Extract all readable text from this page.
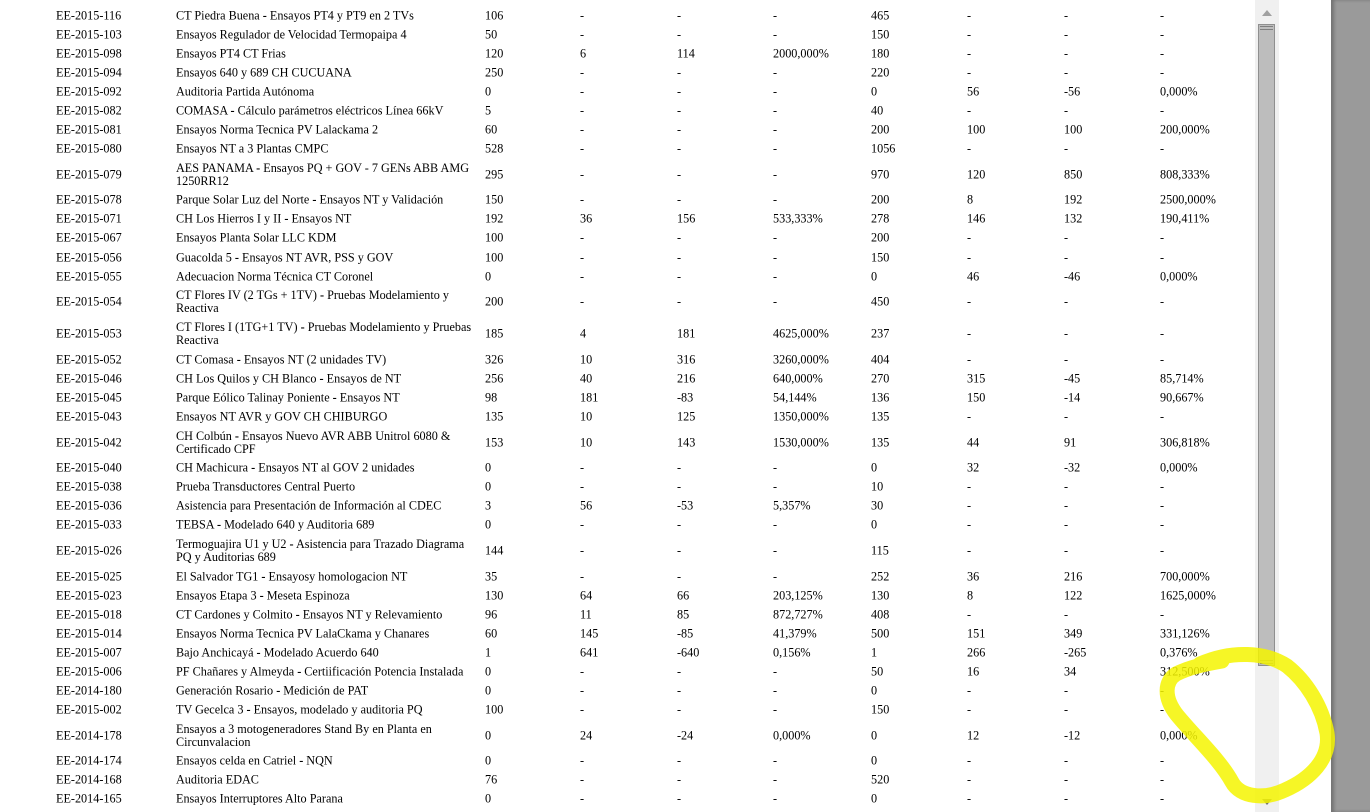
EE-2015-116	CT Piedra Buena - Ensayos PT4 y PT9 en 2 TVs	106	-	-	-	465	-	-	-
EE-2015-103	Ensayos Regulador de Velocidad Termopaipa 4	50	-	-	-	150	-	-	-
EE-2015-098	Ensayos PT4 CT Frias	120	6	114	2000,000%	180	-	-	-
EE-2015-094	Ensayos 640 y 689 CH CUCUANA	250	-	-	-	220	-	-	-
EE-2015-092	Auditoria Partida Autónoma	0	-	-	-	0	56	-56	0,000%
EE-2015-082	COMASA - Cálculo parámetros eléctricos Línea 66kV	5	-	-	-	40	-	-	-
EE-2015-081	Ensayos Norma Tecnica PV Lalackama 2	60	-	-	-	200	100	100	200,000%
EE-2015-080	Ensayos NT a 3 Plantas CMPC	528	-	-	-	1056	-	-	-
EE-2015-079	AES PANAMA - Ensayos PQ + GOV - 7 GENs ABB AMG 1250RR12	295	-	-	-	970	120	850	808,333%
EE-2015-078	Parque Solar Luz del Norte - Ensayos NT y Validación	150	-	-	-	200	8	192	2500,000%
EE-2015-071	CH Los Hierros I y II - Ensayos NT	192	36	156	533,333%	278	146	132	190,411%
EE-2015-067	Ensayos Planta Solar LLC KDM	100	-	-	-	200	-	-	-
EE-2015-056	Guacolda 5 - Ensayos NT AVR, PSS y GOV	100	-	-	-	150	-	-	-
EE-2015-055	Adecuacion Norma Técnica CT Coronel	0	-	-	-	0	46	-46	0,000%
EE-2015-054	CT Flores IV (2 TGs + 1TV) - Pruebas Modelamiento y Reactiva	200	-	-	-	450	-	-	-
EE-2015-053	CT Flores I (1TG+1 TV) - Pruebas Modelamiento y Pruebas Reactiva	185	4	181	4625,000%	237	-	-	-
EE-2015-052	CT Comasa - Ensayos NT (2 unidades TV)	326	10	316	3260,000%	404	-	-	-
EE-2015-046	CH Los Quilos y CH Blanco - Ensayos de NT	256	40	216	640,000%	270	315	-45	85,714%
EE-2015-045	Parque Eólico Talinay Poniente - Ensayos NT	98	181	-83	54,144%	136	150	-14	90,667%
EE-2015-043	Ensayos NT AVR y GOV CH CHIBURGO	135	10	125	1350,000%	135	-	-	-
EE-2015-042	CH Colbún - Ensayos Nuevo AVR ABB Unitrol 6080 & Certificado CPF	153	10	143	1530,000%	135	44	91	306,818%
EE-2015-040	CH Machicura - Ensayos NT al GOV 2 unidades	0	-	-	-	0	32	-32	0,000%
EE-2015-038	Prueba Transductores Central Puerto	0	-	-	-	10	-	-	-
EE-2015-036	Asistencia para Presentación de Información al CDEC	3	56	-53	5,357%	30	-	-	-
EE-2015-033	TEBSA - Modelado 640 y Auditoria 689	0	-	-	-	0	-	-	-
EE-2015-026	Termoguajira U1 y U2 - Asistencia para Trazado Diagrama PQ y Auditorias 689	144	-	-	-	115	-	-	-
EE-2015-025	El Salvador TG1 - Ensayosy homologacion NT	35	-	-	-	252	36	216	700,000%
EE-2015-023	Ensayos Etapa 3 - Meseta Espinoza	130	64	66	203,125%	130	8	122	1625,000%
EE-2015-018	CT Cardones y Colmito - Ensayos NT y Relevamiento	96	11	85	872,727%	408	-	-	-
EE-2015-014	Ensayos Norma Tecnica PV LalaCkama y Chanares	60	145	-85	41,379%	500	151	349	331,126%
EE-2015-007	Bajo Anchicayá - Modelado Acuerdo 640	1	641	-640	0,156%	1	266	-265	0,376%
EE-2015-006	PF Chañares y Almeyda - Certiificación Potencia Instalada	0	-	-	-	50	16	34	312,500%
EE-2014-180	Generación Rosario - Medición de PAT	0	-	-	-	0	-	-	-
EE-2015-002	TV Gecelca 3 - Ensayos, modelado y auditoria PQ	100	-	-	-	150	-	-	-
EE-2014-178	Ensayos a 3 motogeneradores Stand By en Planta en Circunvalacion	0	24	-24	0,000%	0	12	-12	0,000%
EE-2014-174	Ensayos celda en Catriel - NQN	0	-	-	-	0	-	-	-
EE-2014-168	Auditoria EDAC	76	-	-	-	520	-	-	-
EE-2014-165	Ensayos Interruptores Alto Parana	0	-	-	-	0	-	-	-
